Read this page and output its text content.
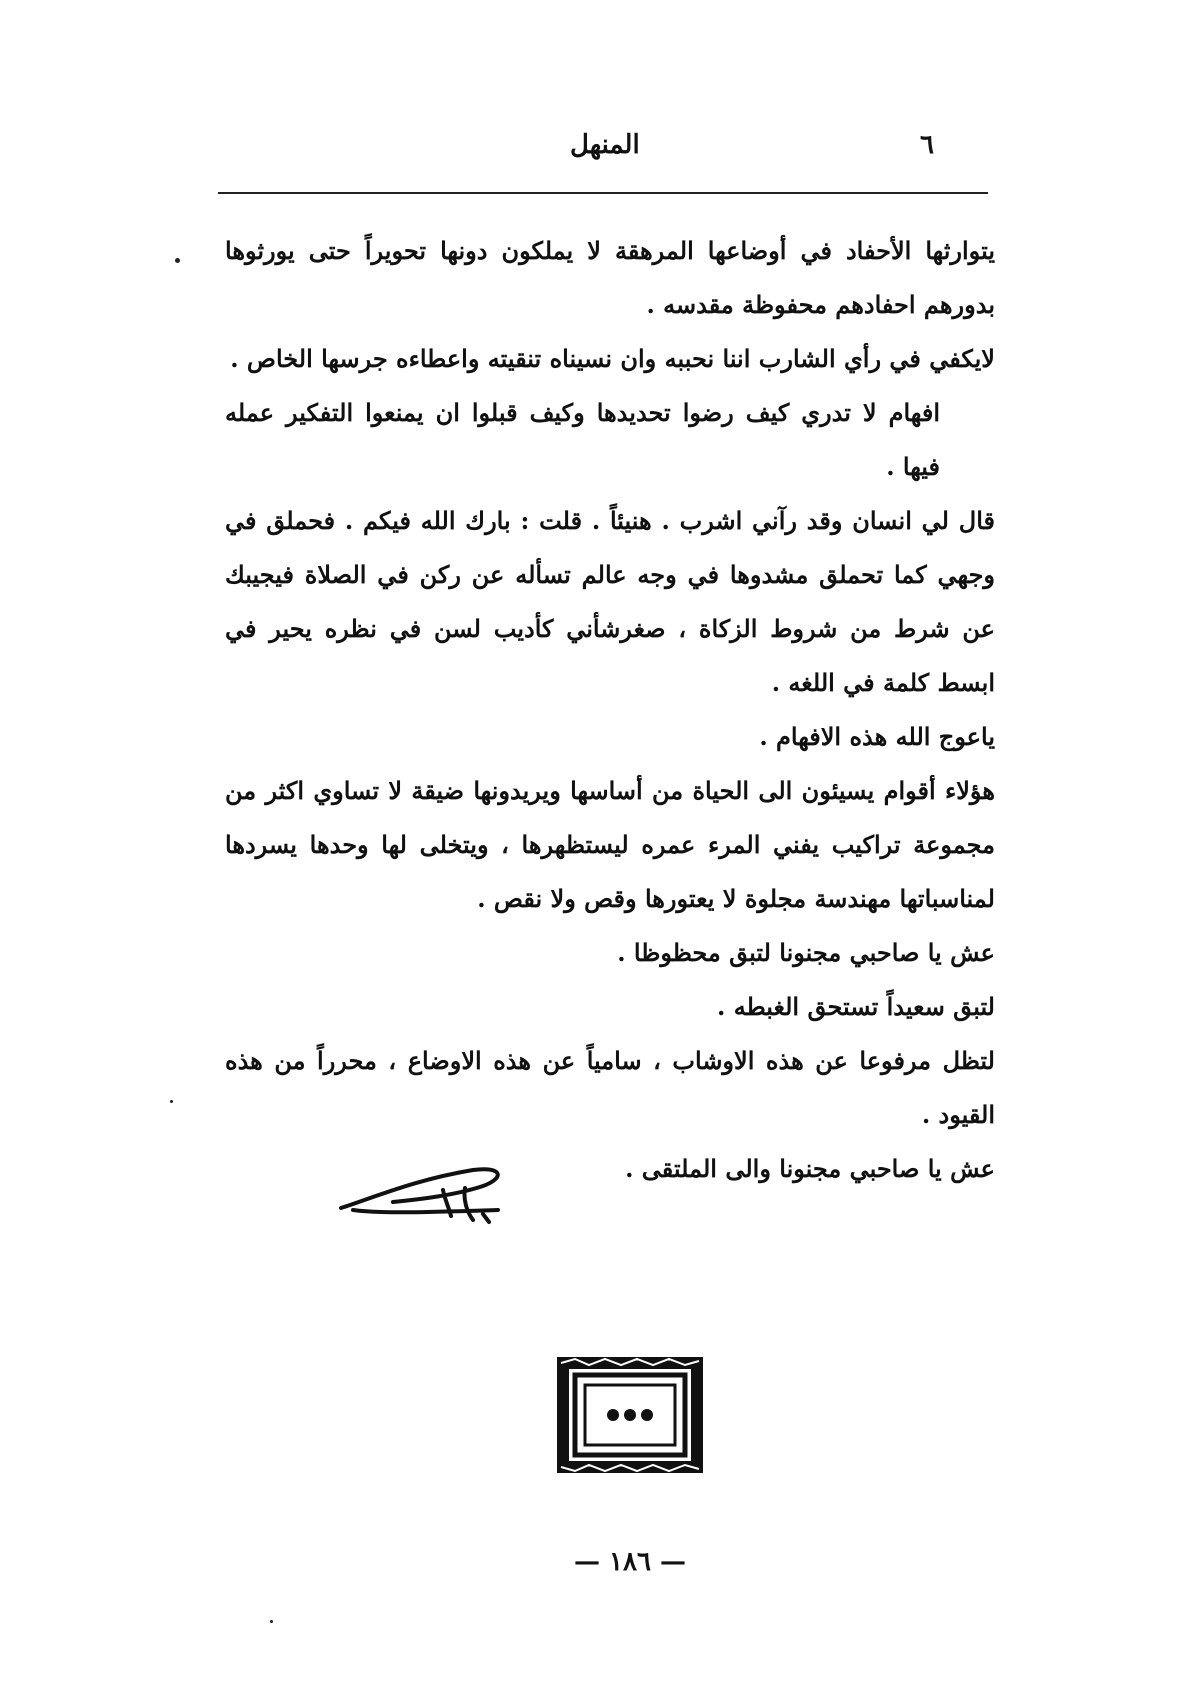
المنهل	٦

يتوارثها الأحفاد في أوضاعها المرهقة لا يملكون دونها تحويراً حتى يورثوها بدورهم احفادهم محفوظة مقدسه .

لايكفي في رأي الشارب اننا نحببه وان نسيناه تنقيته واعطاءه جرسها الخاص .

افهام لا تدري كيف رضوا تحديدها وكيف قبلوا ان يمنعوا التفكير عمله فيها .

قال لي انسان وقد رآني اشرب . هنيئاً . قلت : بارك الله فيكم . فحملق في وجهي كما تحملق مشدوها في وجه عالم تسأله عن ركن في الصلاة فيجيبك عن شرط من شروط الزكاة ، صغرشأني كأديب لسن في نظره يحير في ابسط كلمة في اللغه .

ياعوج الله هذه الافهام .

هؤلاء أقوام يسيئون الى الحياة من أساسها ويريدونها ضيقة لا تساوي اكثر من مجموعة تراكيب يفني المرء عمره ليستظهرها ، ويتخلى لها وحدها يسردها لمناسباتها مهندسة مجلوة لا يعتورها وقص ولا نقص .

عش يا صاحبي مجنونا لتبق محظوظا .

لتبق سعيداً تستحق الغبطه .

لتظل مرفوعا عن هذه الاوشاب ، سامياً عن هذه الاوضاع ، محرراً من هذه القيود .

عش يا صاحبي مجنونا والى الملتقى .

— ١٨٦ —
